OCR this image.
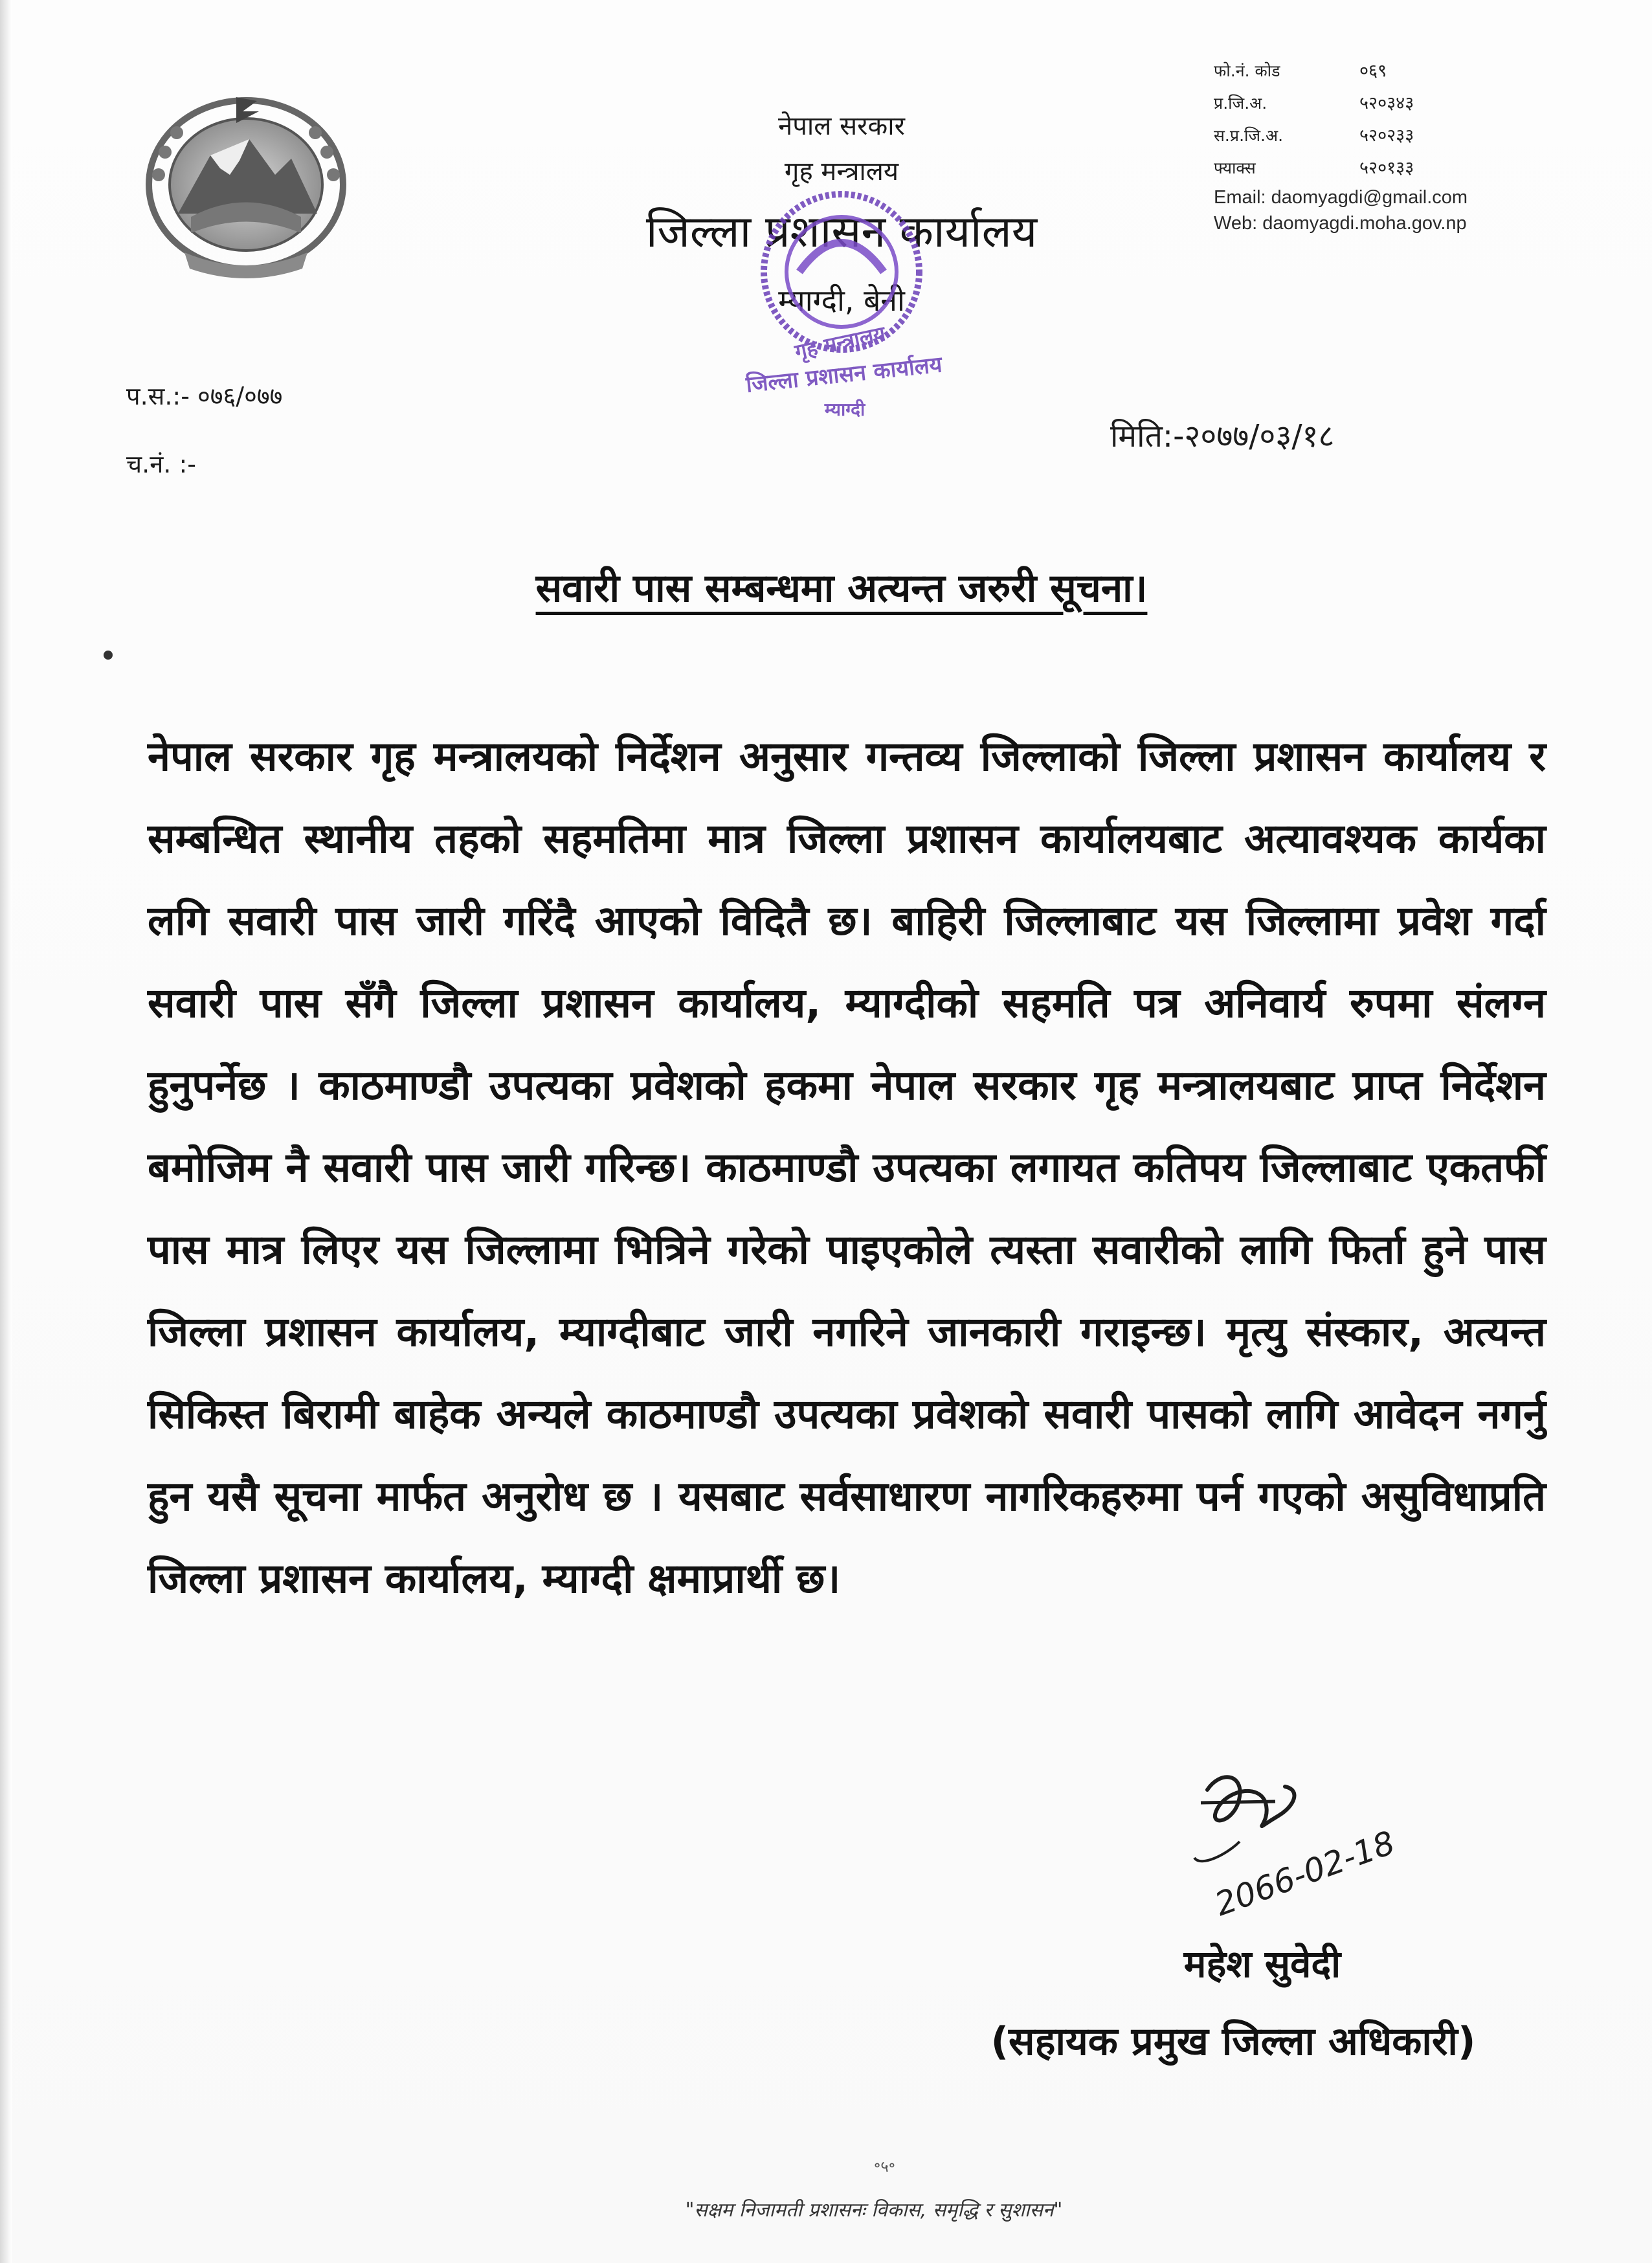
नेपाल सरकार
गृह मन्त्रालय
जिल्ला प्रशासन कार्यालय
म्याग्दी, बेनी
गृह मन्त्रालय
जिल्ला प्रशासन कार्यालय
म्याग्दी
फो.नं. कोड	०६९
प्र.जि.अ.	५२०३४३
स.प्र.जि.अ.	५२०२३३
फ्याक्स	५२०१३३
Email: daomyagdi@gmail.com
Web: daomyagdi.moha.gov.np
प.स.:- ०७६/०७७
च.नं. :-
मिति:-२०७७/०३/१८
सवारी पास सम्बन्धमा अत्यन्त जरुरी सूचना।
नेपाल सरकार गृह मन्त्रालयको निर्देशन अनुसार गन्तव्य जिल्लाको जिल्ला प्रशासन कार्यालय र सम्बन्धित स्थानीय तहको सहमतिमा मात्र जिल्ला प्रशासन कार्यालयबाट अत्यावश्यक कार्यका लगि सवारी पास जारी गरिंदै आएको विदितै छ। बाहिरी जिल्लाबाट यस जिल्लामा प्रवेश गर्दा सवारी पास सँगै जिल्ला प्रशासन कार्यालय, म्याग्दीको सहमति पत्र अनिवार्य रुपमा संलग्न हुनुपर्नेछ । काठमाण्डौ उपत्यका प्रवेशको हकमा नेपाल सरकार गृह मन्त्रालयबाट प्राप्त निर्देशन बमोजिम नै सवारी पास जारी गरिन्छ। काठमाण्डौ उपत्यका लगायत कतिपय जिल्लाबाट एकतर्फी पास मात्र लिएर यस जिल्लामा भित्रिने गरेको पाइएकोले त्यस्ता सवारीको लागि फिर्ता हुने पास जिल्ला प्रशासन कार्यालय, म्याग्दीबाट जारी नगरिने जानकारी गराइन्छ। मृत्यु संस्कार, अत्यन्त सिकिस्त बिरामी बाहेक अन्यले काठमाण्डौ उपत्यका प्रवेशको सवारी पासको लागि आवेदन नगर्नु हुन यसै सूचना मार्फत अनुरोध छ । यसबाट सर्वसाधारण नागरिकहरुमा पर्न गएको असुविधाप्रति जिल्ला प्रशासन कार्यालय, म्याग्दी क्षमाप्रार्थी छ।
2066-02-18
महेश सुवेदी
(सहायक प्रमुख जिल्ला अधिकारी)
॰५॰
"सक्षम निजामती प्रशासनः विकास, समृद्धि र सुशासन"
